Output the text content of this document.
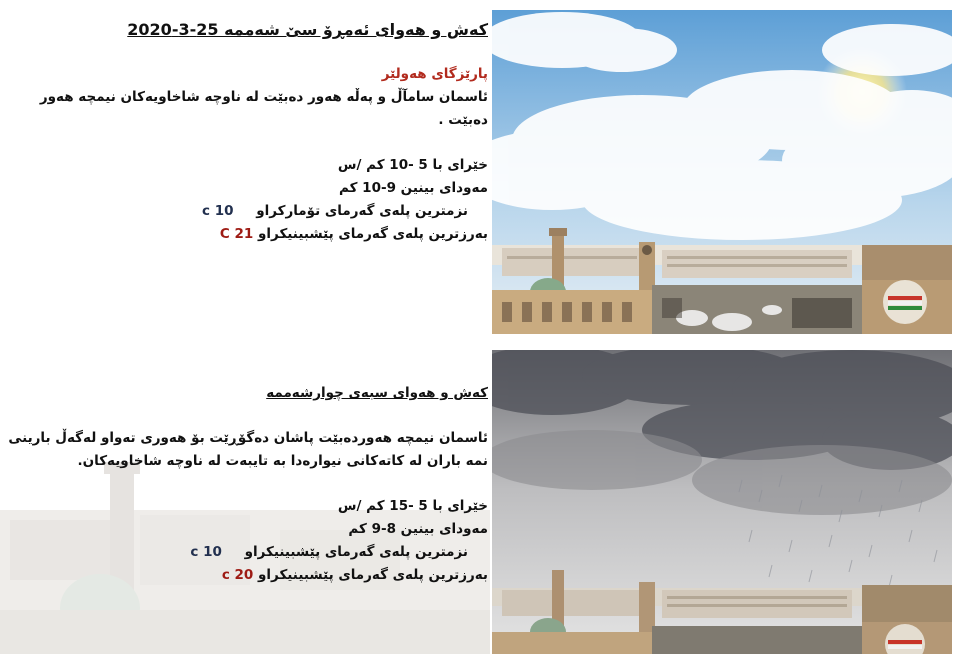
کەش و هەوای ئەمڕۆ سێ شەممە 25-3-2020
پارێزگای هەولێر
ئاسمان سامآڵ و پەڵە هەور دەبێت لە ناوچە شاخاویەکان نیمچە هەور دەبێت .
خێرای با 5 -10 کم /س
مەودای بینین 9-10 کم
نزمترین پلەی گەرمای تۆمارکراو 10 c
بەرزترین پلەی گەرمای پێشبینیکراو 21 C
کەش و هەوای سبەی چوارشەممە
ئاسمان نیمچە هەوردەبێت پاشان دەگۆڕێت بۆ هەوری تەواو لەگەڵ بارینی نمە باران لە کاتەکانی نیوارەدا بە تایبەت لە ناوچە شاخاویەکان.
خێرای با 5 -15 کم /س
مەودای بینین 8-9 کم
نزمترین پلەی گەرمای پێشبینیکراو 10 c
بەرزترین پلەی گەرمای پێشبینیکراو 20 c
